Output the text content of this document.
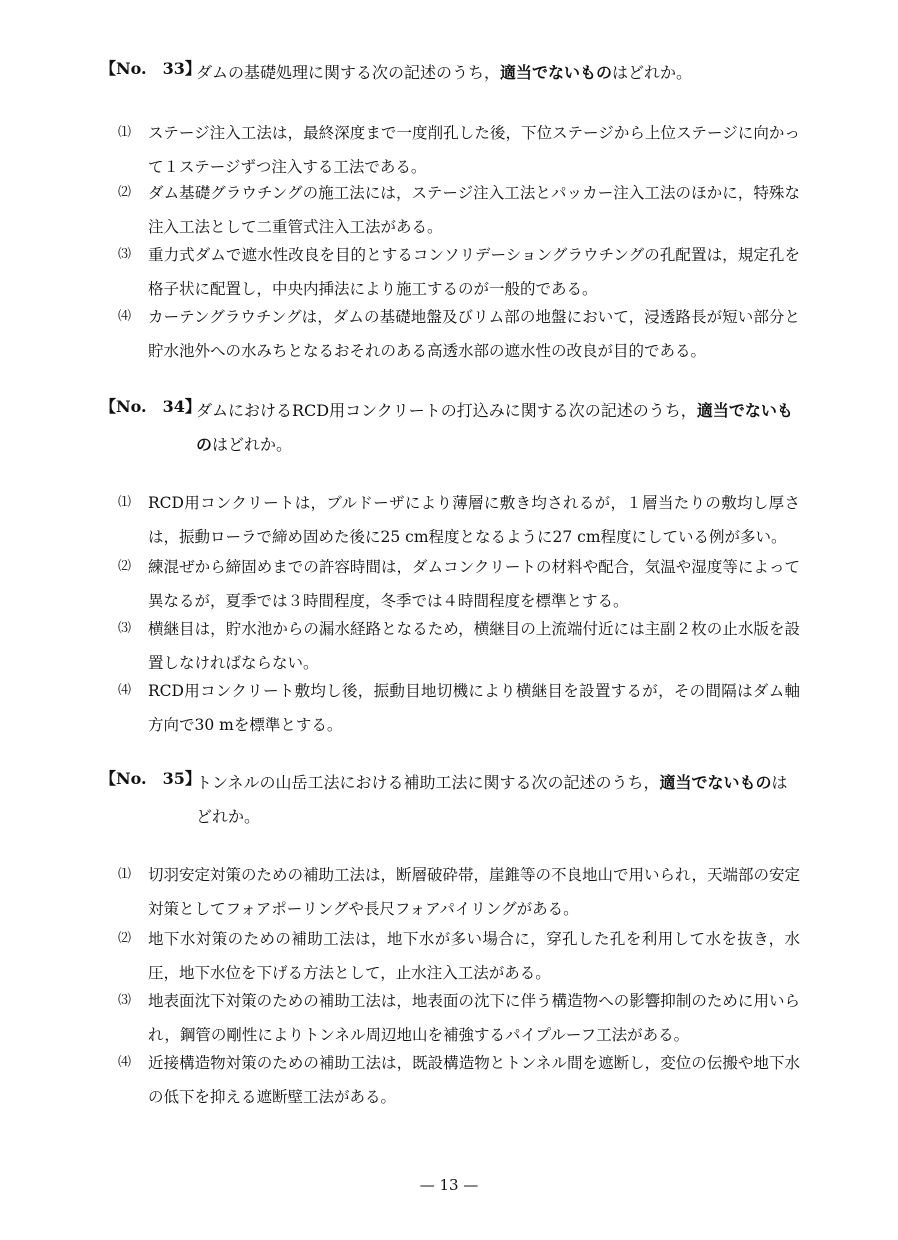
【No.　33】
ダムの基礎処理に関する次の記述のうち，適当でないものはどれか。
⑴ ステージ注入工法は，最終深度まで一度削孔した後，下位ステージから上位ステージに向かって１ステージずつ注入する工法である。
⑵ ダム基礎グラウチングの施工法には，ステージ注入工法とパッカー注入工法のほかに，特殊な注入工法として二重管式注入工法がある。
⑶ 重力式ダムで遮水性改良を目的とするコンソリデーショングラウチングの孔配置は，規定孔を格子状に配置し，中央内挿法により施工するのが一般的である。
⑷ カーテングラウチングは，ダムの基礎地盤及びリム部の地盤において，浸透路長が短い部分と貯水池外への水みちとなるおそれのある高透水部の遮水性の改良が目的である。
【No.　34】
ダムにおけるRCD用コンクリートの打込みに関する次の記述のうち，適当でないものはどれか。
⑴ RCD用コンクリートは，ブルドーザにより薄層に敷き均されるが，１層当たりの敷均し厚さは，振動ローラで締め固めた後に25 cm程度となるように27 cm程度にしている例が多い。
⑵ 練混ぜから締固めまでの許容時間は，ダムコンクリートの材料や配合，気温や湿度等によって異なるが，夏季では３時間程度，冬季では４時間程度を標準とする。
⑶ 横継目は，貯水池からの漏水経路となるため，横継目の上流端付近には主副２枚の止水版を設置しなければならない。
⑷ RCD用コンクリート敷均し後，振動目地切機により横継目を設置するが，その間隔はダム軸方向で30 mを標準とする。
【No.　35】
トンネルの山岳工法における補助工法に関する次の記述のうち，適当でないものはどれか。
⑴ 切羽安定対策のための補助工法は，断層破砕帯，崖錐等の不良地山で用いられ，天端部の安定対策としてフォアポーリングや長尺フォアパイリングがある。
⑵ 地下水対策のための補助工法は，地下水が多い場合に，穿孔した孔を利用して水を抜き，水圧，地下水位を下げる方法として，止水注入工法がある。
⑶ 地表面沈下対策のための補助工法は，地表面の沈下に伴う構造物への影響抑制のために用いられ，鋼管の剛性によりトンネル周辺地山を補強するパイプルーフ工法がある。
⑷ 近接構造物対策のための補助工法は，既設構造物とトンネル間を遮断し，変位の伝搬や地下水の低下を抑える遮断壁工法がある。
— 13 —
